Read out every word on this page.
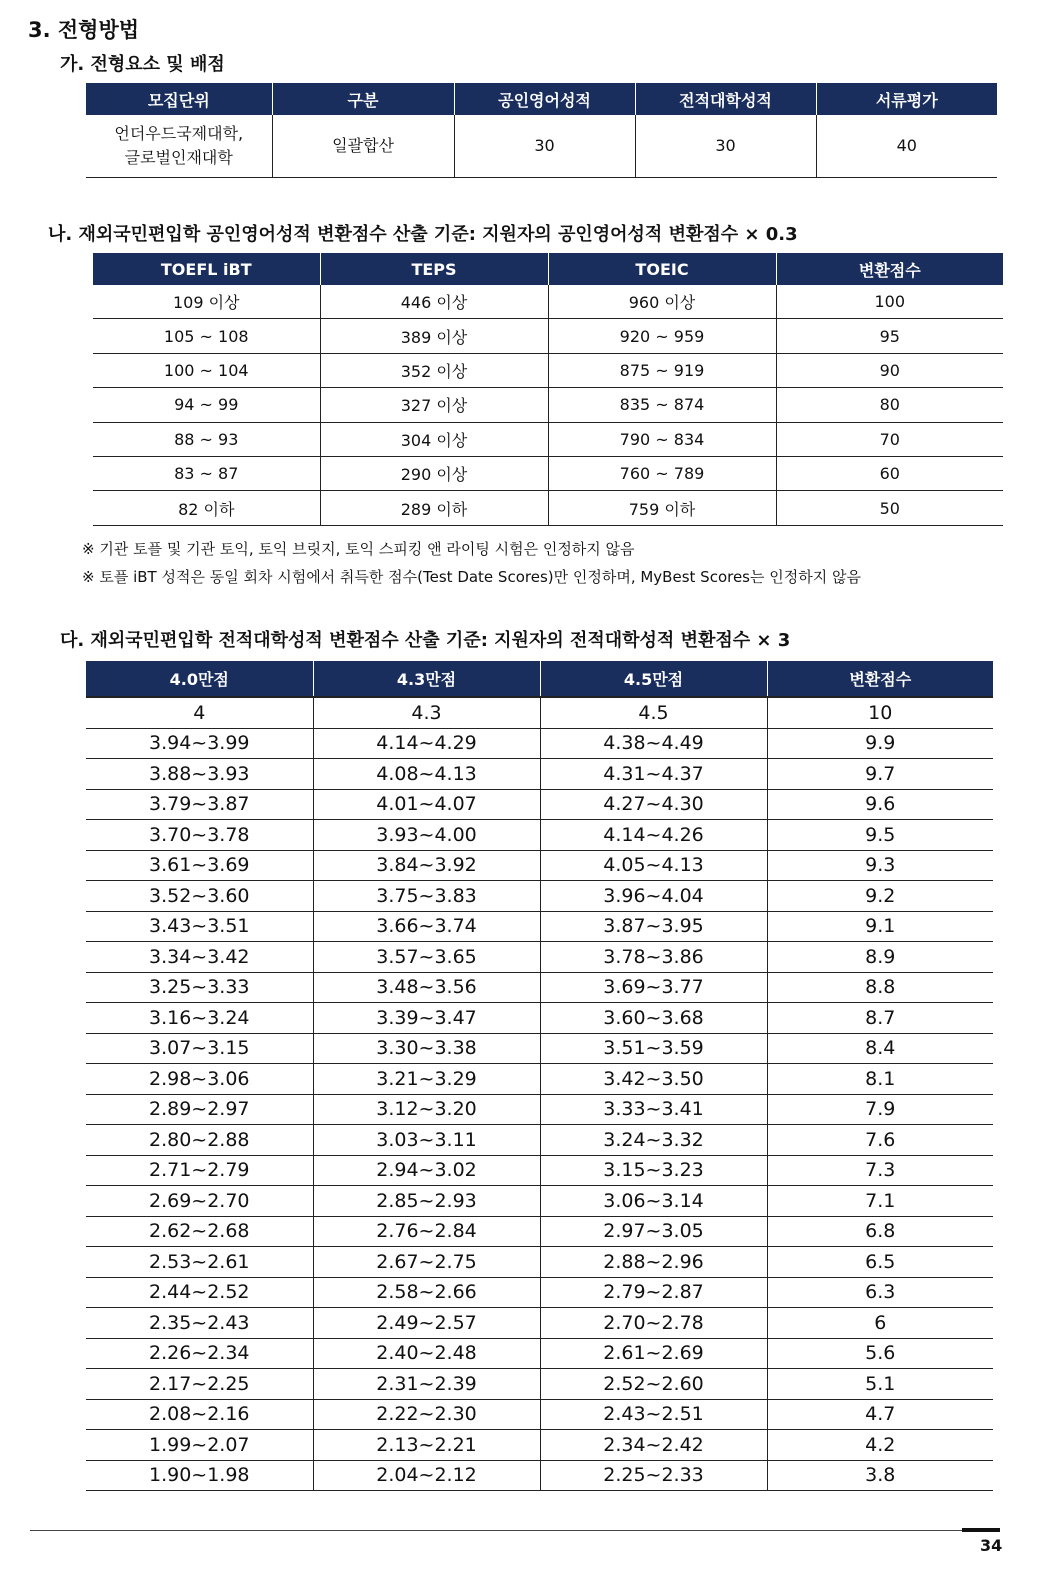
3. 전형방법
가. 전형요소 및 배점
모집단위	구분	공인영어성적	전적대학성적	서류평가

언더우드국제대학,
글로벌인재대학	일괄합산	30	30	40
나. 재외국민편입학 공인영어성적 변환점수 산출 기준: 지원자의 공인영어성적 변환점수 × 0.3
TOEFL iBT	TEPS	TOEIC	변환점수
109 이상	446 이상	960 이상	100
105 ~ 108	389 이상	920 ~ 959	95
100 ~ 104	352 이상	875 ~ 919	90
94 ~ 99	327 이상	835 ~ 874	80
88 ~ 93	304 이상	790 ~ 834	70
83 ~ 87	290 이상	760 ~ 789	60
82 이하	289 이하	759 이하	50
※ 기관 토플 및 기관 토익, 토익 브릿지, 토익 스피킹 앤 라이팅 시험은 인정하지 않음
※ 토플 iBT 성적은 동일 회차 시험에서 취득한 점수(Test Date Scores)만 인정하며, MyBest Scores는 인정하지 않음
다. 재외국민편입학 전적대학성적 변환점수 산출 기준: 지원자의 전적대학성적 변환점수 × 3
4.0만점	4.3만점	4.5만점	변환점수
4	4.3	4.5	10
3.94~3.99	4.14~4.29	4.38~4.49	9.9
3.88~3.93	4.08~4.13	4.31~4.37	9.7
3.79~3.87	4.01~4.07	4.27~4.30	9.6
3.70~3.78	3.93~4.00	4.14~4.26	9.5
3.61~3.69	3.84~3.92	4.05~4.13	9.3
3.52~3.60	3.75~3.83	3.96~4.04	9.2
3.43~3.51	3.66~3.74	3.87~3.95	9.1
3.34~3.42	3.57~3.65	3.78~3.86	8.9
3.25~3.33	3.48~3.56	3.69~3.77	8.8
3.16~3.24	3.39~3.47	3.60~3.68	8.7
3.07~3.15	3.30~3.38	3.51~3.59	8.4
2.98~3.06	3.21~3.29	3.42~3.50	8.1
2.89~2.97	3.12~3.20	3.33~3.41	7.9
2.80~2.88	3.03~3.11	3.24~3.32	7.6
2.71~2.79	2.94~3.02	3.15~3.23	7.3
2.69~2.70	2.85~2.93	3.06~3.14	7.1
2.62~2.68	2.76~2.84	2.97~3.05	6.8
2.53~2.61	2.67~2.75	2.88~2.96	6.5
2.44~2.52	2.58~2.66	2.79~2.87	6.3
2.35~2.43	2.49~2.57	2.70~2.78	6
2.26~2.34	2.40~2.48	2.61~2.69	5.6
2.17~2.25	2.31~2.39	2.52~2.60	5.1
2.08~2.16	2.22~2.30	2.43~2.51	4.7
1.99~2.07	2.13~2.21	2.34~2.42	4.2
1.90~1.98	2.04~2.12	2.25~2.33	3.8
34
